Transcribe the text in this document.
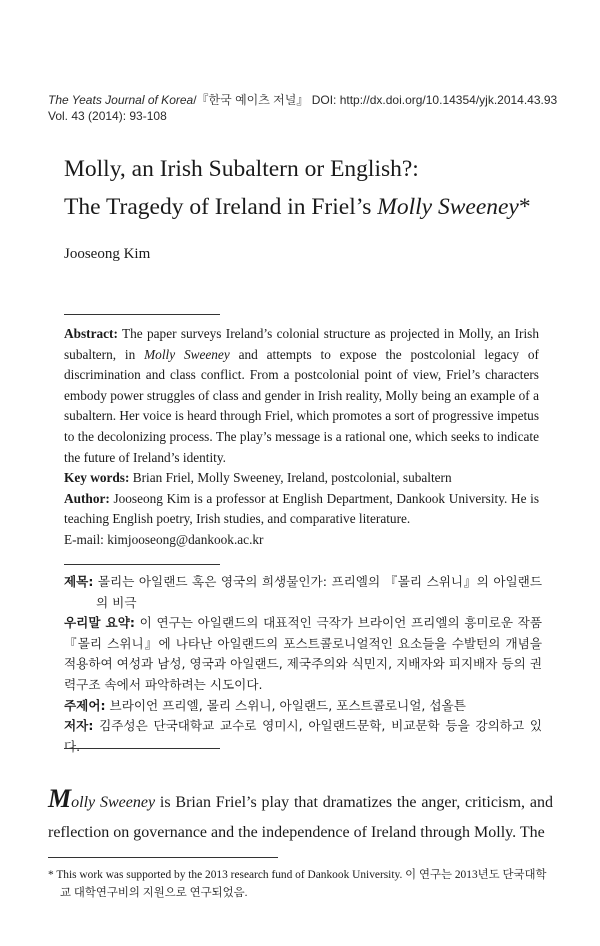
The Yeats Journal of Korea/『한국 예이츠 저널』 DOI: http://dx.doi.org/10.14354/yjk.2014.43.93
Vol. 43 (2014): 93-108
Molly, an Irish Subaltern or English?:
The Tragedy of Ireland in Friel’s Molly Sweeney*
Jooseong Kim

Abstract: The paper surveys Ireland’s colonial structure as projected in Molly, an Irish subaltern, in Molly Sweeney and attempts to expose the postcolonial legacy of discrimination and class conflict. From a postcolonial point of view, Friel’s characters embody power struggles of class and gender in Irish reality, Molly being an example of a subaltern. Her voice is heard through Friel, which promotes a sort of progressive impetus to the decolonizing process. The play’s message is a rational one, which seeks to indicate the future of Ireland’s identity.

Key words: Brian Friel, Molly Sweeney, Ireland, postcolonial, subaltern

Author: Jooseong Kim is a professor at English Department, Dankook University. He is teaching English poetry, Irish studies, and comparative literature.

E-mail: kimjooseong@dankook.ac.kr

제목: 몰리는 아일랜드 혹은 영국의 희생물인가: 프리엘의 『몰리 스위니』의 아일랜드의 비극

우리말 요약: 이 연구는 아일랜드의 대표적인 극작가 브라이언 프리엘의 흥미로운 작품 『몰리 스위니』에 나타난 아일랜드의 포스트콜로니얼적인 요소들을 수발턴의 개념을 적용하여 여성과 남성, 영국과 아일랜드, 제국주의와 식민지, 지배자와 피지배자 등의 권력구조 속에서 파악하려는 시도이다.

주제어: 브라이언 프리엘, 몰리 스위니, 아일랜드, 포스트콜로니얼, 섭올튼

저자: 김주성은 단국대학교 교수로 영미시, 아일랜드문학, 비교문학 등을 강의하고 있다.

Molly Sweeney is Brian Friel’s play that dramatizes the anger, criticism, and reflection on governance and the independence of Ireland through Molly. The

* This work was supported by the 2013 research fund of Dankook University. 이 연구는 2013년도 단국대학교 대학연구비의 지원으로 연구되었음.
